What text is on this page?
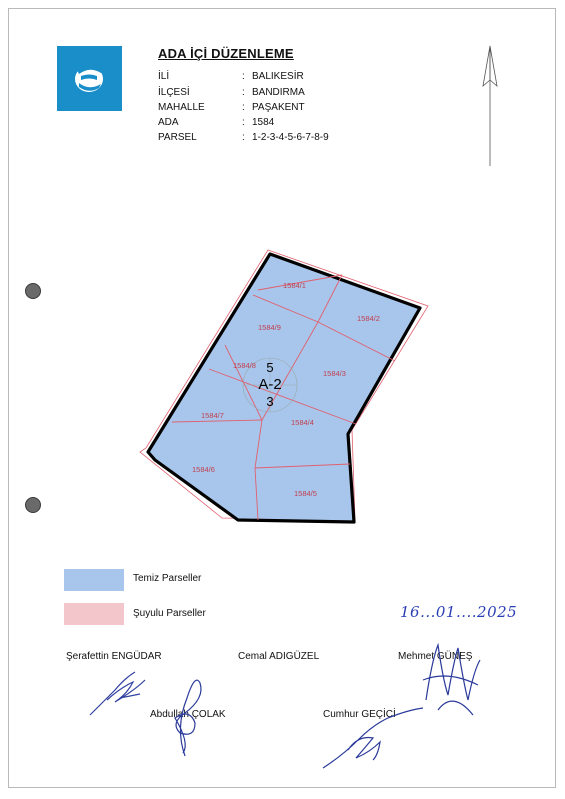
ADA İÇİ DÜZENLEME
İLİ	: BALIKESİR
İLÇESİ	: BANDIRMA
MAHALLE	: PAŞAKENT
ADA	: 1584
PARSEL	: 1-2-3-4-5-6-7-8-9
1584/1
1584/2
1584/9
1584/8
1584/3
1584/7
1584/4
1584/6
1584/5
5
A-2
3
Temiz Parseller
Şuyulu Parseller	16...01....2025
Şerafettin ENGÜDAR	Cemal ADIGÜZEL	Mehmet GÜNEŞ
Abdullah ÇOLAK	Cumhur GEÇİCİ
